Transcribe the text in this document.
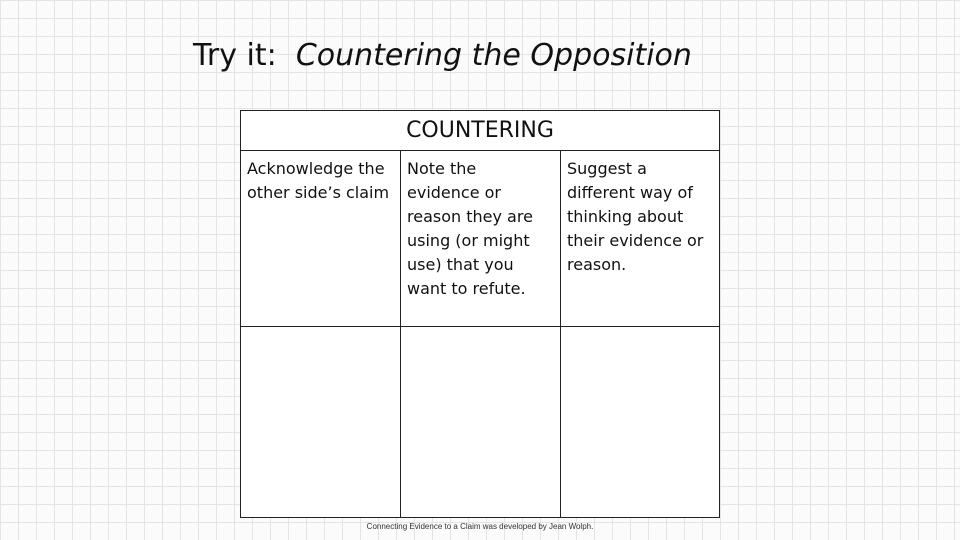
Try it: Countering the Opposition
COUNTERING
Acknowledge the other side’s claim
Note the evidence or reason they are using (or might use) that you want to refute.
Suggest a different way of thinking about their evidence or reason.
Connecting Evidence to a Claim was developed by Jean Wolph.
